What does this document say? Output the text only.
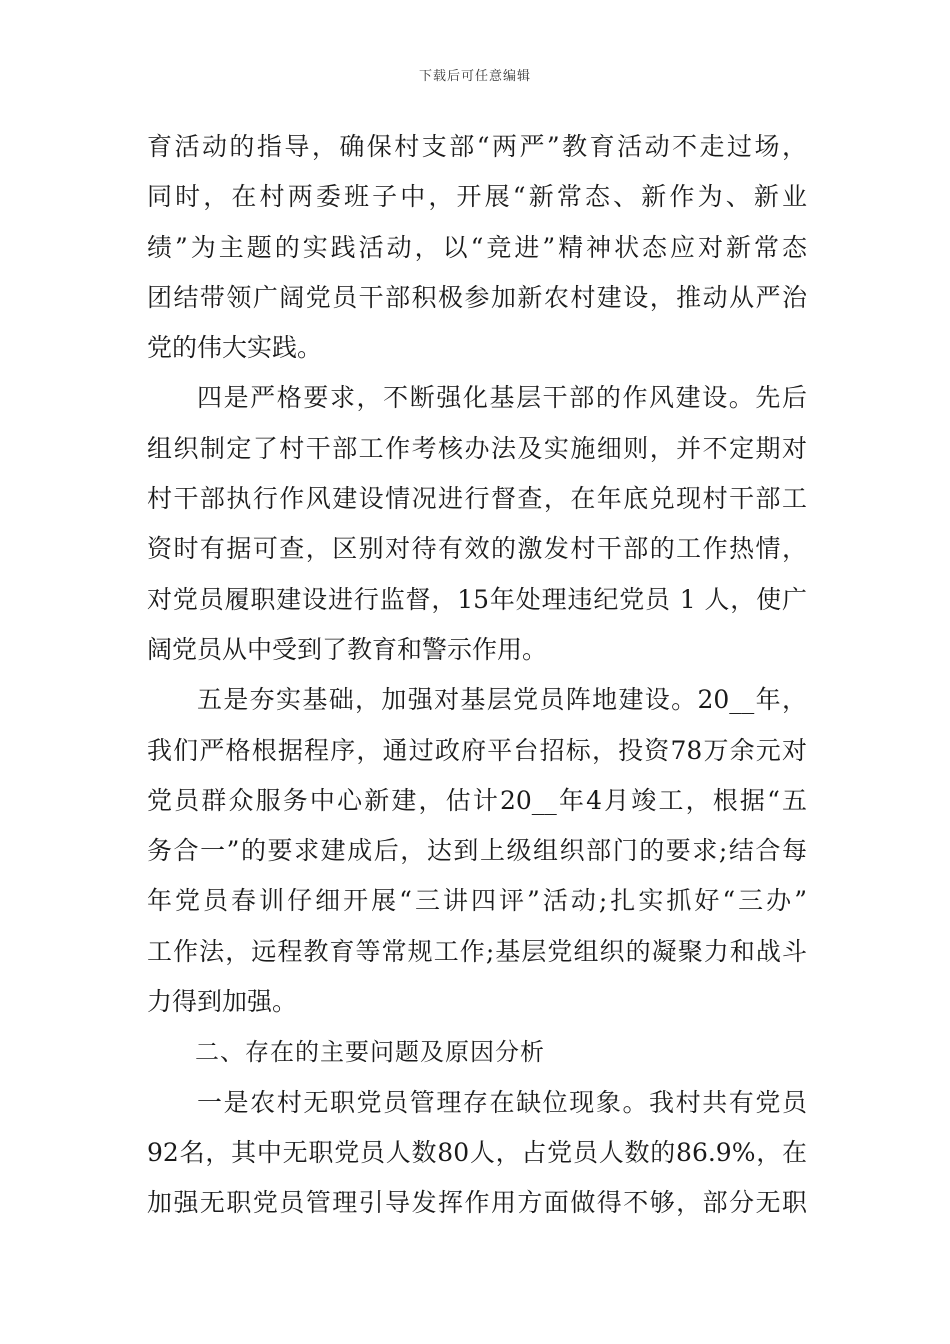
下载后可任意编辑
育活动的指导，确保村支部“两严”教育活动不走过场，
同时，在村两委班子中，开展“新常态、新作为、新业
绩”为主题的实践活动，以“竞进”精神状态应对新常态
团结带领广阔党员干部积极参加新农村建设，推动从严治
党的伟大实践。
四是严格要求，不断强化基层干部的作风建设。先后
组织制定了村干部工作考核办法及实施细则，并不定期对
村干部执行作风建设情况进行督查，在年底兑现村干部工
资时有据可查，区别对待有效的激发村干部的工作热情，
对党员履职建设进行监督，15年处理违纪党员 1 人，使广
阔党员从中受到了教育和警示作用。
五是夯实基础，加强对基层党员阵地建设。20__年，
我们严格根据程序，通过政府平台招标，投资78万余元对
党员群众服务中心新建，估计20__年4月竣工，根据“五
务合一”的要求建成后，达到上级组织部门的要求;结合每
年党员春训仔细开展“三讲四评”活动;扎实抓好“三办”
工作法，远程教育等常规工作;基层党组织的凝聚力和战斗
力得到加强。
二、存在的主要问题及原因分析
一是农村无职党员管理存在缺位现象。我村共有党员
92名，其中无职党员人数80人，占党员人数的86.9%，在
加强无职党员管理引导发挥作用方面做得不够，部分无职
